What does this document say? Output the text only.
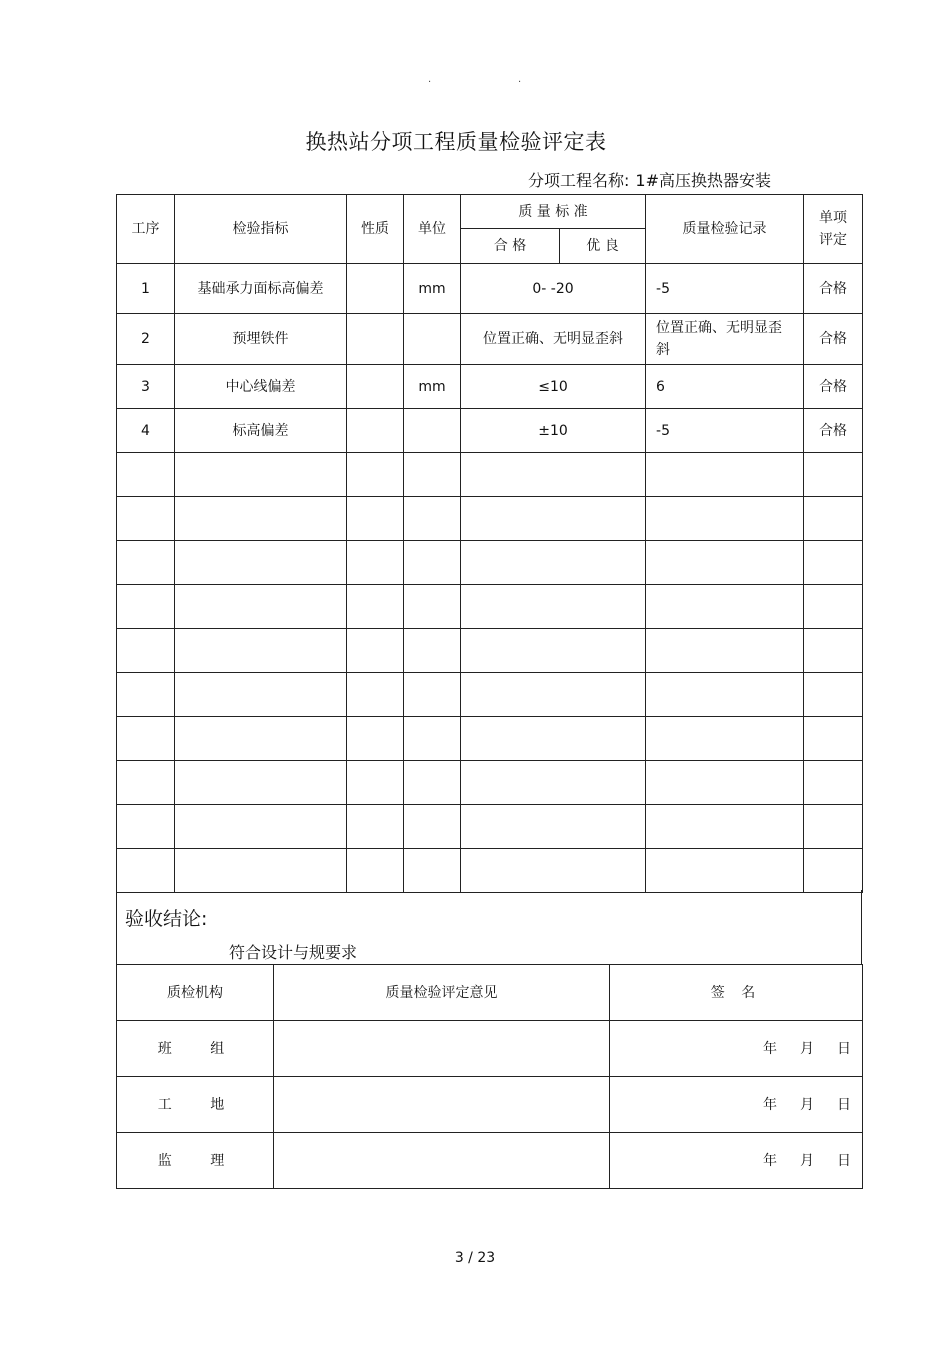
.	.
换热站分项工程质量检验评定表
分项工程名称: 1#高压换热器安装
工序	检验指标	性质	单位	质 量 标 准		质量检验记录	单项评定
				合 格	优 良		
1	基础承力面标高偏差		mm	0- -20		-5	合格
2	预埋铁件			位置正确、无明显歪斜		位置正确、无明显歪斜	合格
3	中心线偏差		mm	≤10		6	合格
4	标高偏差			±10		-5	合格

验收结论:
符合设计与规要求
质检机构	质量检验评定意见	签 名
班 组		年 月 日
工 地		年 月 日
监 理		年 月 日
3 / 23
